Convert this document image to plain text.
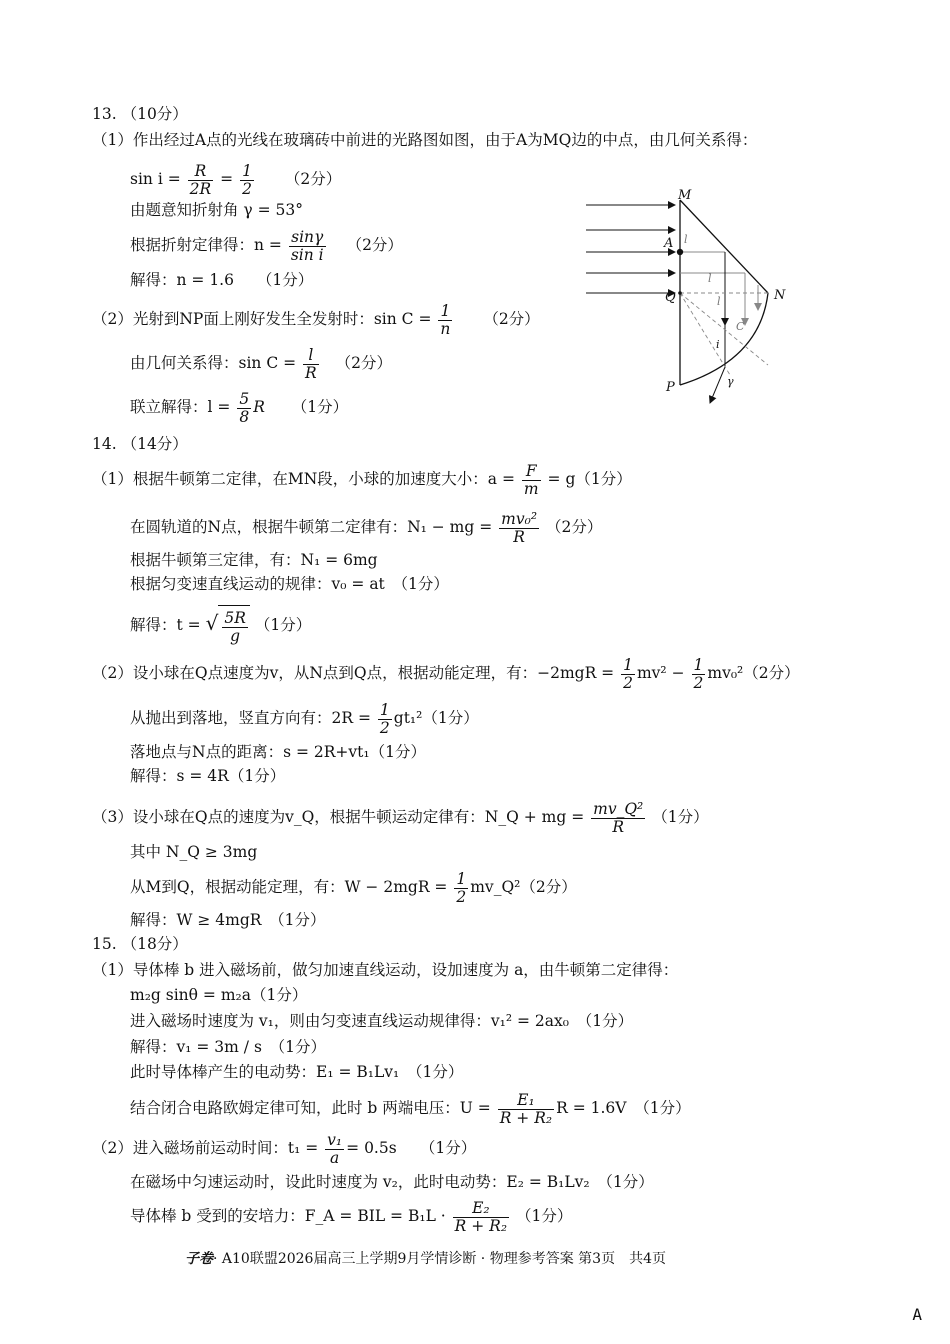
13. （10分）
（1）作出经过A点的光线在玻璃砖中前进的光路图如图，由于A为MQ边的中点，由几何关系得：
$\sin i = \frac{R}{2R} = \frac{1}{2} (2$分）
由题意知折射角 γ = 53°
根据折射定律得：$n = \frac{\sin\gamma}{\text{sin i}} (2$分）
解得：n = 1.6 （1分）
（2）光射到NP面上刚好发生全发射时：$\sin C = \frac{1}{n} (2$分）
由几何关系得：$\sin C = \frac{l}{R} (2$分）
联立解得：$l = \frac{5}{8}$ R （1分）
M
A
Q	N
P
l
l
l
C
i
γ
14. （14分）
（1）根据牛顿第二定律，在MN段，小球的加速度大小：$a = \frac{F}{m} = g(1$分）
在圆轨道的N点，根据牛顿第二定律有：N₁ − mg = $\frac{\text{mv₀²}}{R} (2$分）
根据牛顿第三定律，有：N₁ = 6mg
根据匀变速直线运动的规律：v₀ = at　（1分）
解得：t = √ $\frac{5R}{g} (1$分）
（2）设小球在Q点速度为v，从N点到Q点，根据动能定理，有：$-2mgR = \frac{1}{2} mv^2 - \frac{1}{2} mv_0^2(2$分）
从抛出到落地，竖直方向有：$2R = \frac{1}{2} gt_1^2(1$分）
落地点与N点的距离：s = 2R+vt₁（1分）
解得：s = 4R（1分）
（3）设小球在Q点的速度为v_Q，根据牛顿运动定律有：N_Q + mg = $\frac{\text{mv\_Q²}}{R} (1$分）
其中 N_Q ≥ 3mg
从M到Q，根据动能定理，有：$W - 2mgR = \frac{1}{2}$ mv_Q²（2分）
解得：W ≥ 4mgR　（1分）
15. （18分）
（1）导体棒 b 进入磁场前，做匀加速直线运动，设加速度为 a，由牛顿第二定律得：
m₂g sinθ = m₂a（1分）
进入磁场时速度为 v₁，则由匀变速直线运动规律得：v₁² = 2ax₀　（1分）
解得：v₁ = 3m / s　（1分）
此时导体棒产生的电动势：E₁ = B₁Lv₁　（1分）
结合闭合电路欧姆定律可知，此时 b 两端电压：$U = \frac{\text{E₁}}{\text{R + R₂}}$ R = 1.6V　（1分）
（2）进入磁场前运动时间：$t_1 = \frac{\text{v₁}}{a} = 0.5s$　　（1分）
在磁场中匀速运动时，设此时速度为 v₂，此时电动势：E₂ = B₁Lv₂　（1分）
导体棒 b 受到的安培力：F_A = BIL = $B_1L \cdot \frac{\text{E₂}}{\text{R + R₂}} (1$分）
子卷· A10联盟2026届高三上学期9月学情诊断 · 物理参考答案 第3页　共4页
A
